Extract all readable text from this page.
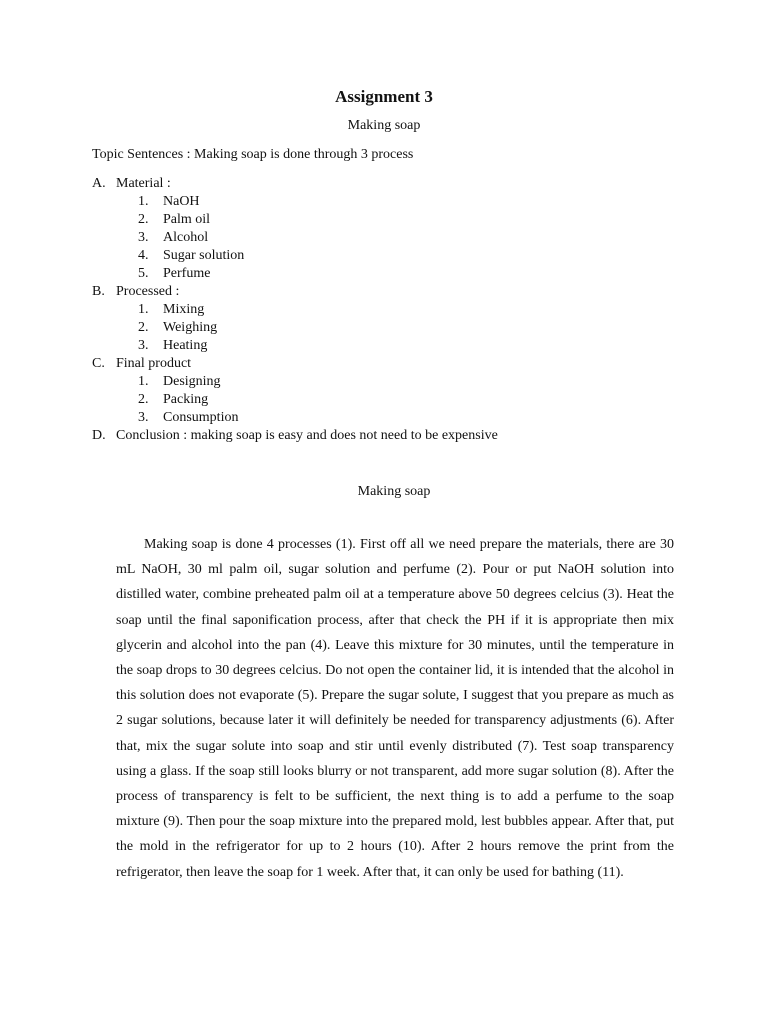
Assignment 3
Making soap
Topic Sentences : Making soap is done through 3 process
A. Material :
1.	NaOH
2.	Palm oil
3.	Alcohol
4.	Sugar solution
5.	Perfume
B. Processed :
1.	Mixing
2.	Weighing
3.	Heating
C. Final product
1.	Designing
2.	Packing
3.	Consumption
D. Conclusion : making soap is easy and does not need to be expensive
Making soap

Making soap is done 4 processes (1). First off all we need prepare the materials, there are 30 mL NaOH, 30 ml palm oil, sugar solution and perfume (2). Pour or put NaOH solution into distilled water, combine preheated palm oil at a temperature above 50 degrees celcius (3). Heat the soap until the final saponification process, after that check the PH if it is appropriate then mix glycerin and alcohol into the pan (4). Leave this mixture for 30 minutes, until the temperature in the soap drops to 30 degrees celcius. Do not open the container lid, it is intended that the alcohol in this solution does not evaporate (5). Prepare the sugar solute, I suggest that you prepare as much as 2 sugar solutions, because later it will definitely be needed for transparency adjustments (6). After that, mix the sugar solute into soap and stir until evenly distributed (7). Test soap transparency using a glass. If the soap still looks blurry or not transparent, add more sugar solution (8). After the process of transparency is felt to be sufficient, the next thing is to add a perfume to the soap mixture (9). Then pour the soap mixture into the prepared mold, lest bubbles appear. After that, put the mold in the refrigerator for up to 2 hours (10). After 2 hours remove the print from the refrigerator, then leave the soap for 1 week. After that, it can only be used for bathing (11).
